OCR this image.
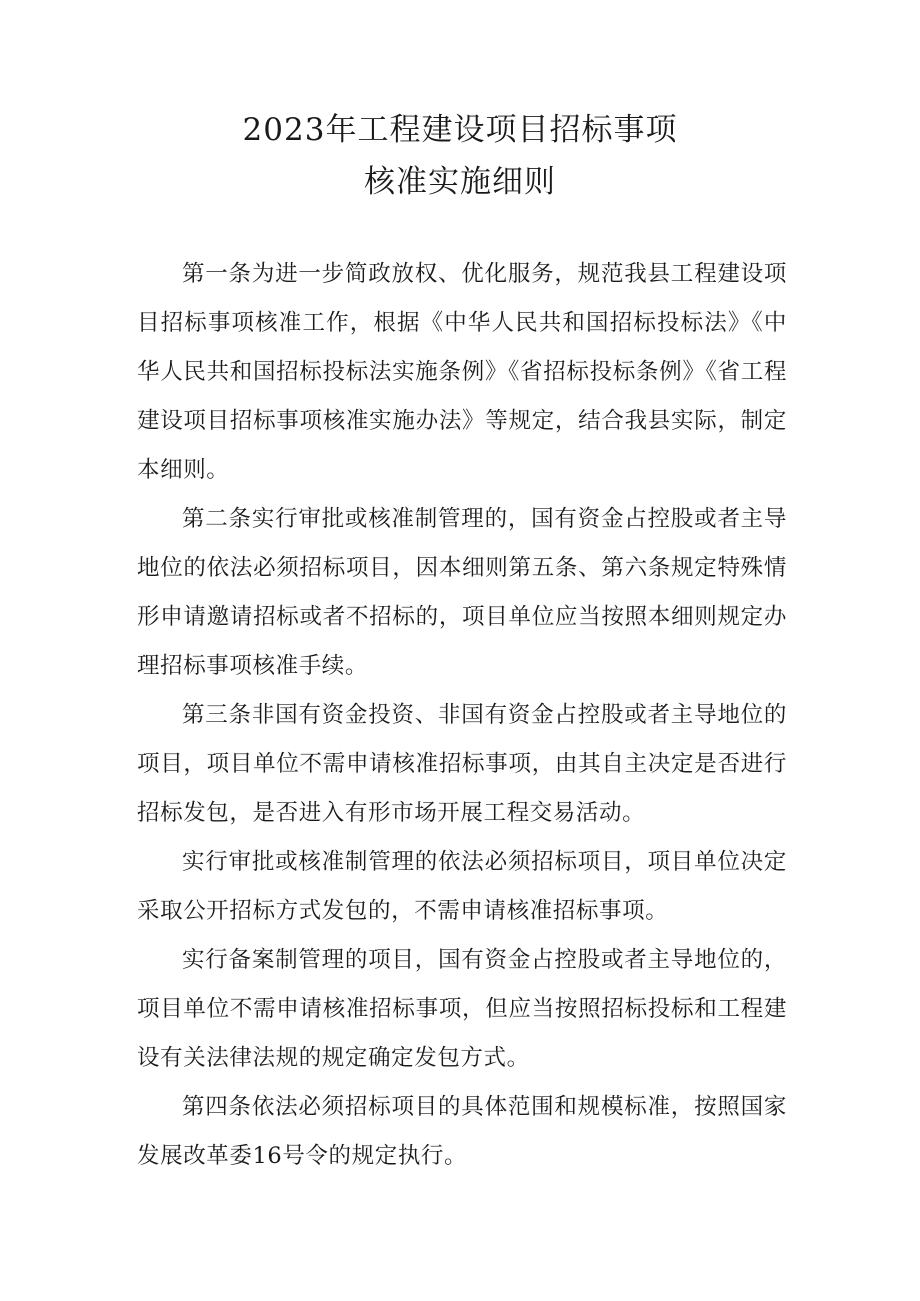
2023年工程建设项目招标事项
核准实施细则

第一条为进一步简政放权、优化服务，规范我县工程建设项目招标事项核准工作，根据《中华人民共和国招标投标法》《中华人民共和国招标投标法实施条例》《省招标投标条例》《省工程建设项目招标事项核准实施办法》等规定，结合我县实际，制定本细则。

第二条实行审批或核准制管理的，国有资金占控股或者主导地位的依法必须招标项目，因本细则第五条、第六条规定特殊情形申请邀请招标或者不招标的，项目单位应当按照本细则规定办理招标事项核准手续。

第三条非国有资金投资、非国有资金占控股或者主导地位的项目，项目单位不需申请核准招标事项，由其自主决定是否进行招标发包，是否进入有形市场开展工程交易活动。

实行审批或核准制管理的依法必须招标项目，项目单位决定采取公开招标方式发包的，不需申请核准招标事项。

实行备案制管理的项目，国有资金占控股或者主导地位的，项目单位不需申请核准招标事项，但应当按照招标投标和工程建设有关法律法规的规定确定发包方式。

第四条依法必须招标项目的具体范围和规模标准，按照国家发展改革委16号令的规定执行。
